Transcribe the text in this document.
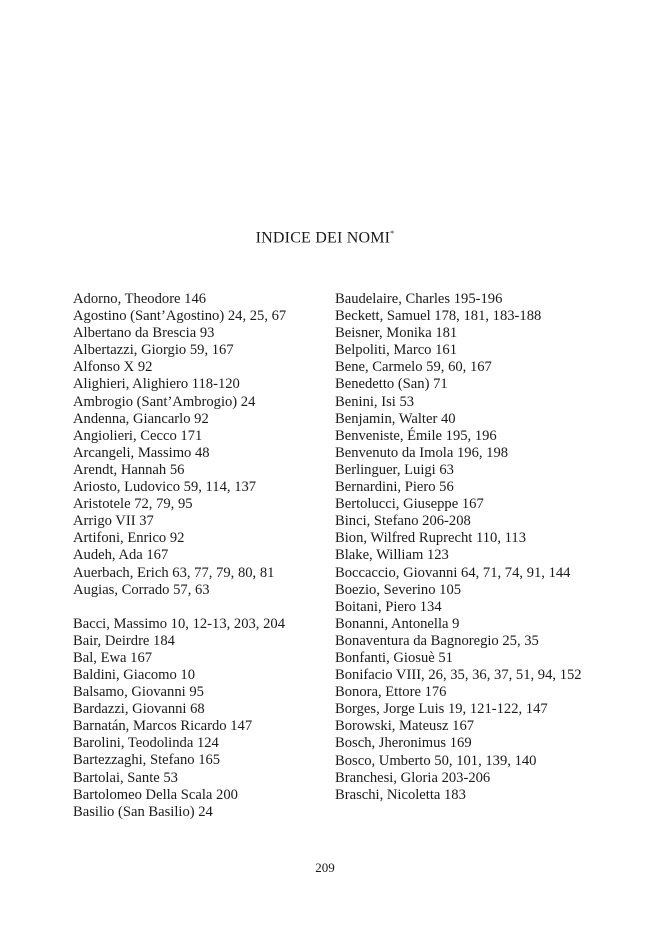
INDICE DEI NOMI*
Adorno, Theodore 146
Agostino (Sant’Agostino) 24, 25, 67
Albertano da Brescia 93
Albertazzi, Giorgio 59, 167
Alfonso X 92
Alighieri, Alighiero 118-120
Ambrogio (Sant’Ambrogio) 24
Andenna, Giancarlo 92
Angiolieri, Cecco 171
Arcangeli, Massimo 48
Arendt, Hannah 56
Ariosto, Ludovico 59, 114, 137
Aristotele 72, 79, 95
Arrigo VII 37
Artifoni, Enrico 92
Audeh, Ada 167
Auerbach, Erich 63, 77, 79, 80, 81
Augias, Corrado 57, 63
Bacci, Massimo 10, 12-13, 203, 204
Bair, Deirdre 184
Bal, Ewa 167
Baldini, Giacomo 10
Balsamo, Giovanni 95
Bardazzi, Giovanni 68
Barnatán, Marcos Ricardo 147
Barolini, Teodolinda 124
Bartezzaghi, Stefano 165
Bartolai, Sante 53
Bartolomeo Della Scala 200
Basilio (San Basilio) 24
Baudelaire, Charles 195-196
Beckett, Samuel 178, 181, 183-188
Beisner, Monika 181
Belpoliti, Marco 161
Bene, Carmelo 59, 60, 167
Benedetto (San) 71
Benini, Isi 53
Benjamin, Walter 40
Benveniste, Émile 195, 196
Benvenuto da Imola 196, 198
Berlinguer, Luigi 63
Bernardini, Piero 56
Bertolucci, Giuseppe 167
Binci, Stefano 206-208
Bion, Wilfred Ruprecht 110, 113
Blake, William 123
Boccaccio, Giovanni 64, 71, 74, 91, 144
Boezio, Severino 105
Boitani, Piero 134
Bonanni, Antonella 9
Bonaventura da Bagnoregio 25, 35
Bonfanti, Giosuè 51
Bonifacio VIII, 26, 35, 36, 37, 51, 94, 152
Bonora, Ettore 176
Borges, Jorge Luis 19, 121-122, 147
Borowski, Mateusz 167
Bosch, Jheronimus 169
Bosco, Umberto 50, 101, 139, 140
Branchesi, Gloria 203-206
Braschi, Nicoletta 183
209
